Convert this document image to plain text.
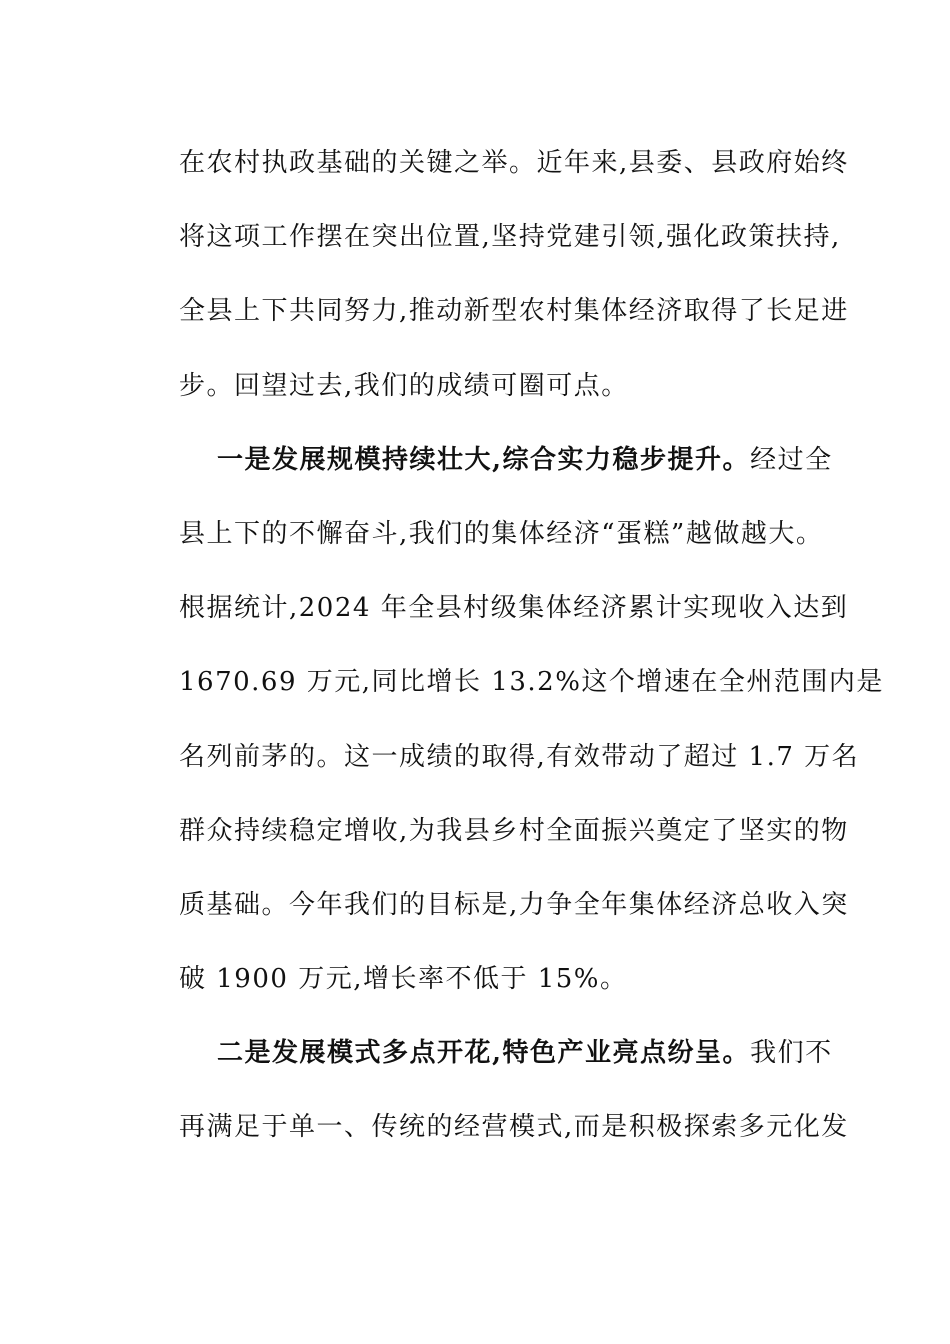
在农村执政基础的关键之举。近年来,县委、县政府始终
将这项工作摆在突出位置,坚持党建引领,强化政策扶持,
全县上下共同努力,推动新型农村集体经济取得了长足进
步。回望过去,我们的成绩可圈可点。
一是发展规模持续壮大,综合实力稳步提升。经过全
县上下的不懈奋斗,我们的集体经济“蛋糕”越做越大。
根据统计,2024 年全县村级集体经济累计实现收入达到
1670.69 万元,同比增长 13.2%这个增速在全州范围内是
名列前茅的。这一成绩的取得,有效带动了超过 1.7 万名
群众持续稳定增收,为我县乡村全面振兴奠定了坚实的物
质基础。今年我们的目标是,力争全年集体经济总收入突
破 1900 万元,增长率不低于 15%。
二是发展模式多点开花,特色产业亮点纷呈。我们不
再满足于单一、传统的经营模式,而是积极探索多元化发
